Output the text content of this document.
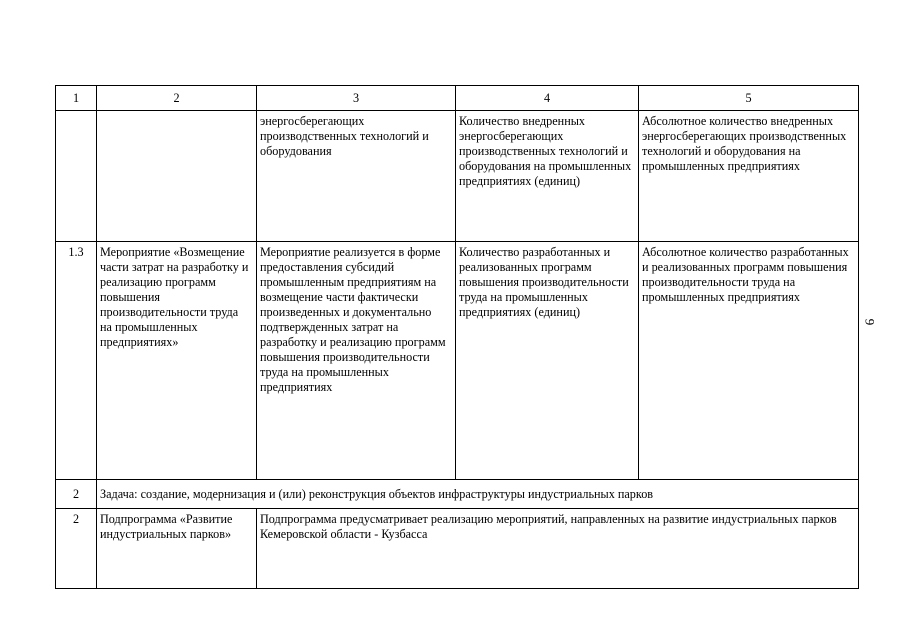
1	2	3	4	5
		энергосберегающих производственных технологий и оборудования	Количество внедренных энергосберегающих производственных технологий и оборудования на промышленных предприятиях (единиц)	Абсолютное количество внедренных энергосберегающих производственных технологий и оборудования на промышленных предприятиях
1.3	Мероприятие «Возмещение части затрат на разработку и реализацию программ повышения производительности труда на промышленных предприятиях»	Мероприятие реализуется в форме предоставления субсидий промышленным предприятиям на возмещение части фактически произведенных и документально подтвержденных затрат на разработку и реализацию программ повышения производительности труда на промышленных предприятиях	Количество разработанных и реализованных программ повышения производительности труда на промышленных предприятиях (единиц)	Абсолютное количество разработанных и реализованных программ повышения производительности труда на промышленных предприятиях
2	Задача: создание, модернизация и (или) реконструкция объектов инфраструктуры индустриальных парков			
2	Подпрограмма «Развитие индустриальных парков»	Подпрограмма предусматривает реализацию мероприятий, направленных на развитие индустриальных парков Кемеровской области - Кузбасса		
9
